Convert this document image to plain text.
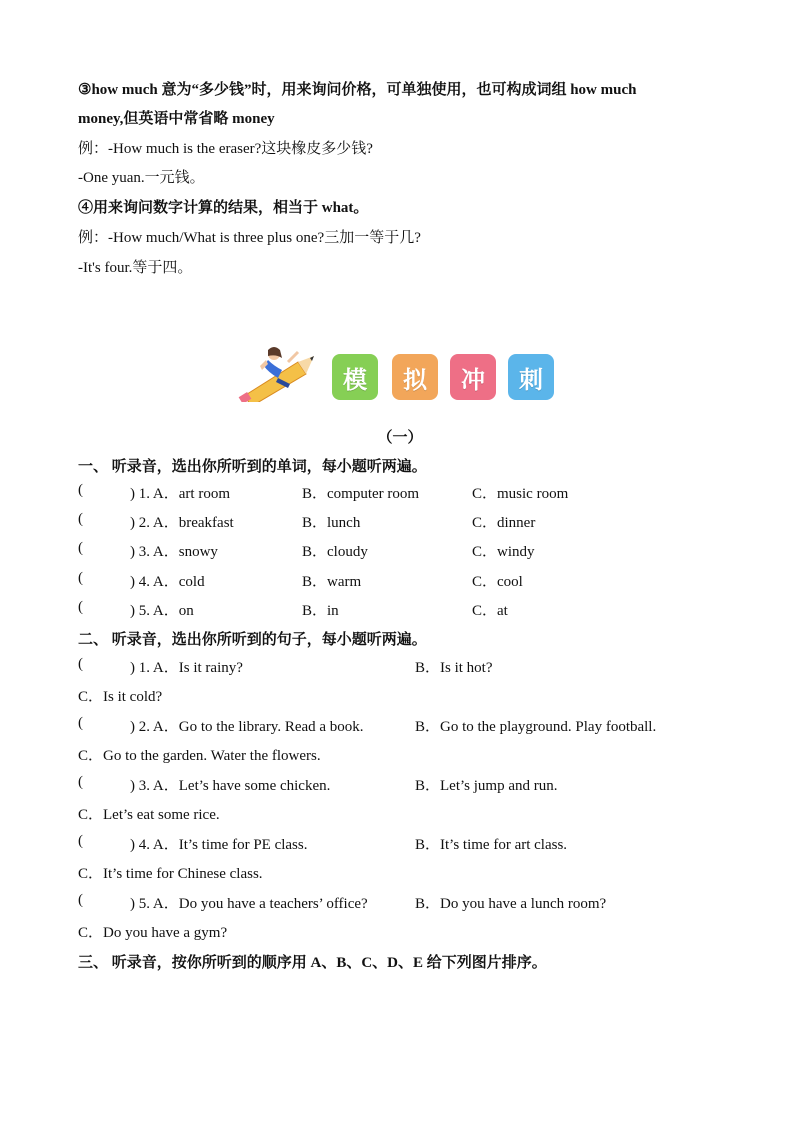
③how much 意为“多少钱”时，用来询问价格，可单独使用，也可构成词组 how much
money,但英语中常省略 money
例：-How much is the eraser?这块橡皮多少钱?
-One yuan.一元钱。
④用来询问数字计算的结果，相当于 what。
例：-How much/What is three plus one?三加一等于几?
-It's four.等于四。
模	拟	冲	刺
（一）
一、 听录音，选出你所听到的单词，每小题听两遍。
(	) 1. A．art room	B．computer room	C．music room
(	) 2. A．breakfast	B．lunch	C．dinner
(	) 3. A．snowy	B．cloudy	C．windy
(	) 4. A．cold	B．warm	C．cool
(	) 5. A．on	B．in	C．at
二、 听录音，选出你所听到的句子，每小题听两遍。
(	) 1. A．Is it rainy?	B．Is it hot?
C．Is it cold?
(	) 2. A．Go to the library. Read a book.	B．Go to the playground. Play football.
C．Go to the garden. Water the flowers.
(	) 3. A．Let’s have some chicken.	B．Let’s jump and run.
C．Let’s eat some rice.
(	) 4. A．It’s time for PE class.	B．It’s time for art class.
C．It’s time for Chinese class.
(	) 5. A．Do you have a teachers’ office?	B．Do you have a lunch room?
C．Do you have a gym?
三、 听录音，按你所听到的顺序用 A、B、C、D、E 给下列图片排序。
